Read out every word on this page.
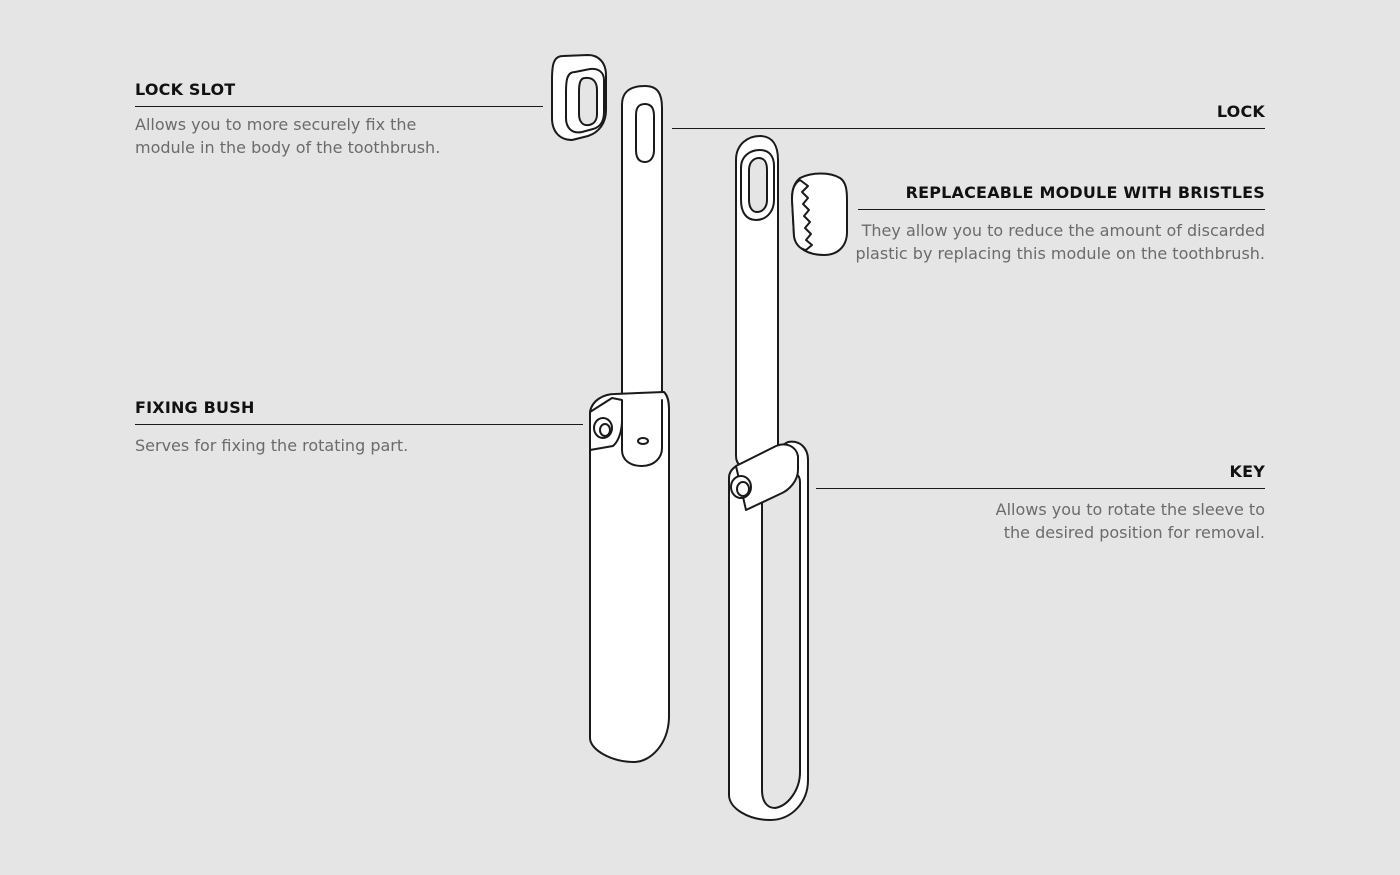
LOCK SLOT
Allows you to more securely fix the
module in the body of the toothbrush.
LOCK
REPLACEABLE MODULE WITH BRISTLES
They allow you to reduce the amount of discarded
plastic by replacing this module on the toothbrush.
FIXING BUSH
Serves for fixing the rotating part.
KEY
Allows you to rotate the sleeve to
the desired position for removal.
